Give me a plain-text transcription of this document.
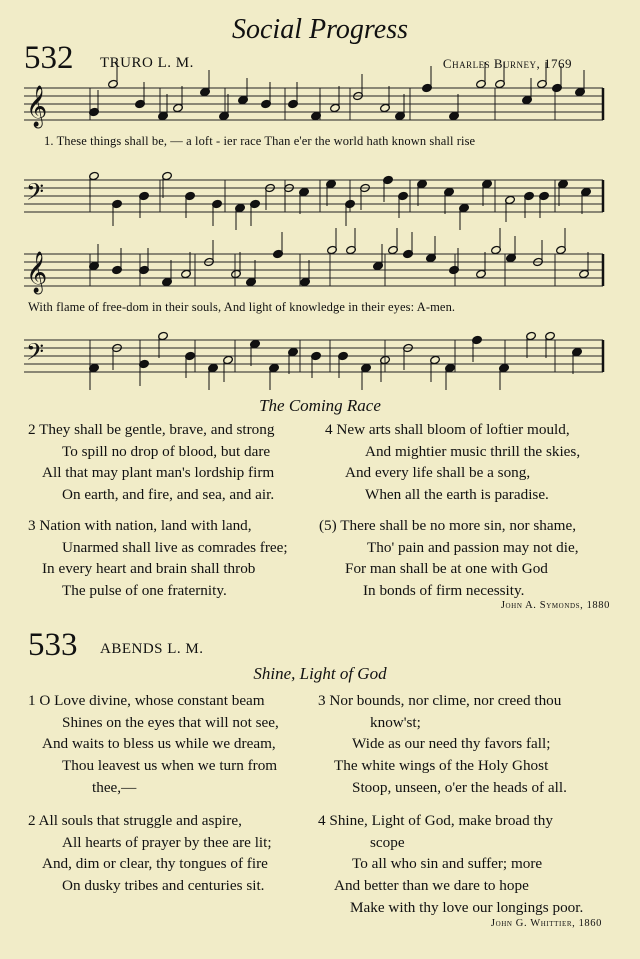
Social Progress
532 TRURO L. M.	Charles Burney, 1769
𝄞
𝄢
𝄞
𝄢
1. These things shall be, — a loft - ier race Than e'er the world hath known shall rise
With flame of free-dom in their souls, And light of knowledge in their eyes: A-men.
The Coming Race
2 They shall be gentle, brave, and strong
To spill no drop of blood, but dare
All that may plant man's lordship firm
On earth, and fire, and sea, and air.
4 New arts shall bloom of loftier mould,
And mightier music thrill the skies,
And every life shall be a song,
When all the earth is paradise.
3 Nation with nation, land with land,
Unarmed shall live as comrades free;
In every heart and brain shall throb
The pulse of one fraternity.
(5) There shall be no more sin, nor shame,
Tho' pain and passion may not die,
For man shall be at one with God
In bonds of firm necessity.
John A. Symonds, 1880
533 ABENDS L. M.
Shine, Light of God
1 O Love divine, whose constant beam
Shines on the eyes that will not see,
And waits to bless us while we dream,
Thou leavest us when we turn from
thee,—
3 Nor bounds, nor clime, nor creed thou
know'st;
Wide as our need thy favors fall;
The white wings of the Holy Ghost
Stoop, unseen, o'er the heads of all.
2 All souls that struggle and aspire,
All hearts of prayer by thee are lit;
And, dim or clear, thy tongues of fire
On dusky tribes and centuries sit.
4 Shine, Light of God, make broad thy
scope
To all who sin and suffer; more
And better than we dare to hope
Make with thy love our longings poor.
John G. Whittier, 1860
